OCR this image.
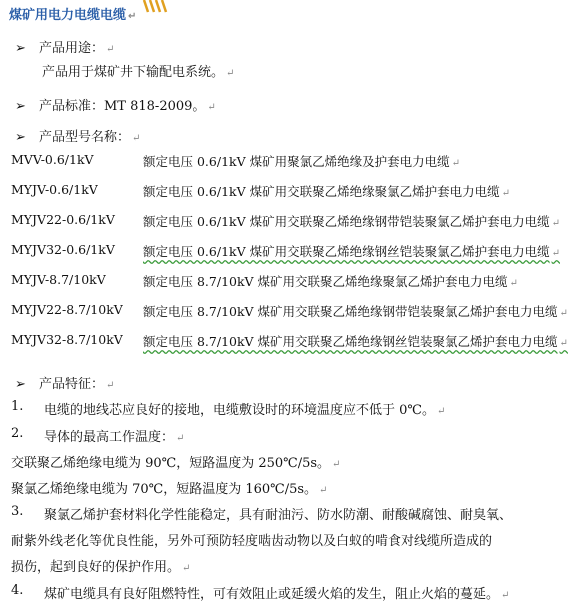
煤矿用电力电缆电缆 ↵
➢ 产品用途： ↵
产品用于煤矿井下输配电系统。 ↵
➢ 产品标准：MT 818-2009。 ↵
➢ 产品型号名称： ↵
MVV-0.6/1kV	额定电压 0.6/1kV 煤矿用聚氯乙烯绝缘及护套电力电缆 ↵
MYJV-0.6/1kV	额定电压 0.6/1kV 煤矿用交联聚乙烯绝缘聚氯乙烯护套电力电缆 ↵
MYJV22-0.6/1kV 额定电压 0.6/1kV 煤矿用交联聚乙烯绝缘钢带铠装聚氯乙烯护套电力电缆 ↵
MYJV32-0.6/1kV 额定电压 0.6/1kV 煤矿用交联聚乙烯绝缘钢丝铠装聚氯乙烯护套电力电缆 ↵
MYJV-8.7/10kV	额定电压 8.7/10kV 煤矿用交联聚乙烯绝缘聚氯乙烯护套电力电缆 ↵
MYJV22-8.7/10kV 额定电压 8.7/10kV 煤矿用交联聚乙烯绝缘钢带铠装聚氯乙烯护套电力电缆 ↵
MYJV32-8.7/10kV 额定电压 8.7/10kV 煤矿用交联聚乙烯绝缘钢丝铠装聚氯乙烯护套电力电缆 ↵
➢ 产品特征： ↵
1. 电缆的地线芯应良好的接地，电缆敷设时的环境温度应不低于 0℃。 ↵
2. 导体的最高工作温度： ↵
交联聚乙烯绝缘电缆为 90℃，短路温度为 250℃/5s。 ↵
聚氯乙烯绝缘电缆为 70℃，短路温度为 160℃/5s。 ↵
3. 聚氯乙烯护套材料化学性能稳定，具有耐油污、防水防潮、耐酸碱腐蚀、耐臭氧、
耐紫外线老化等优良性能，另外可预防轻度啮齿动物以及白蚁的啃食对线缆所造成的
损伤，起到良好的保护作用。 ↵
4. 煤矿电缆具有良好阻燃特性，可有效阻止或延缓火焰的发生，阻止火焰的蔓延。 ↵
